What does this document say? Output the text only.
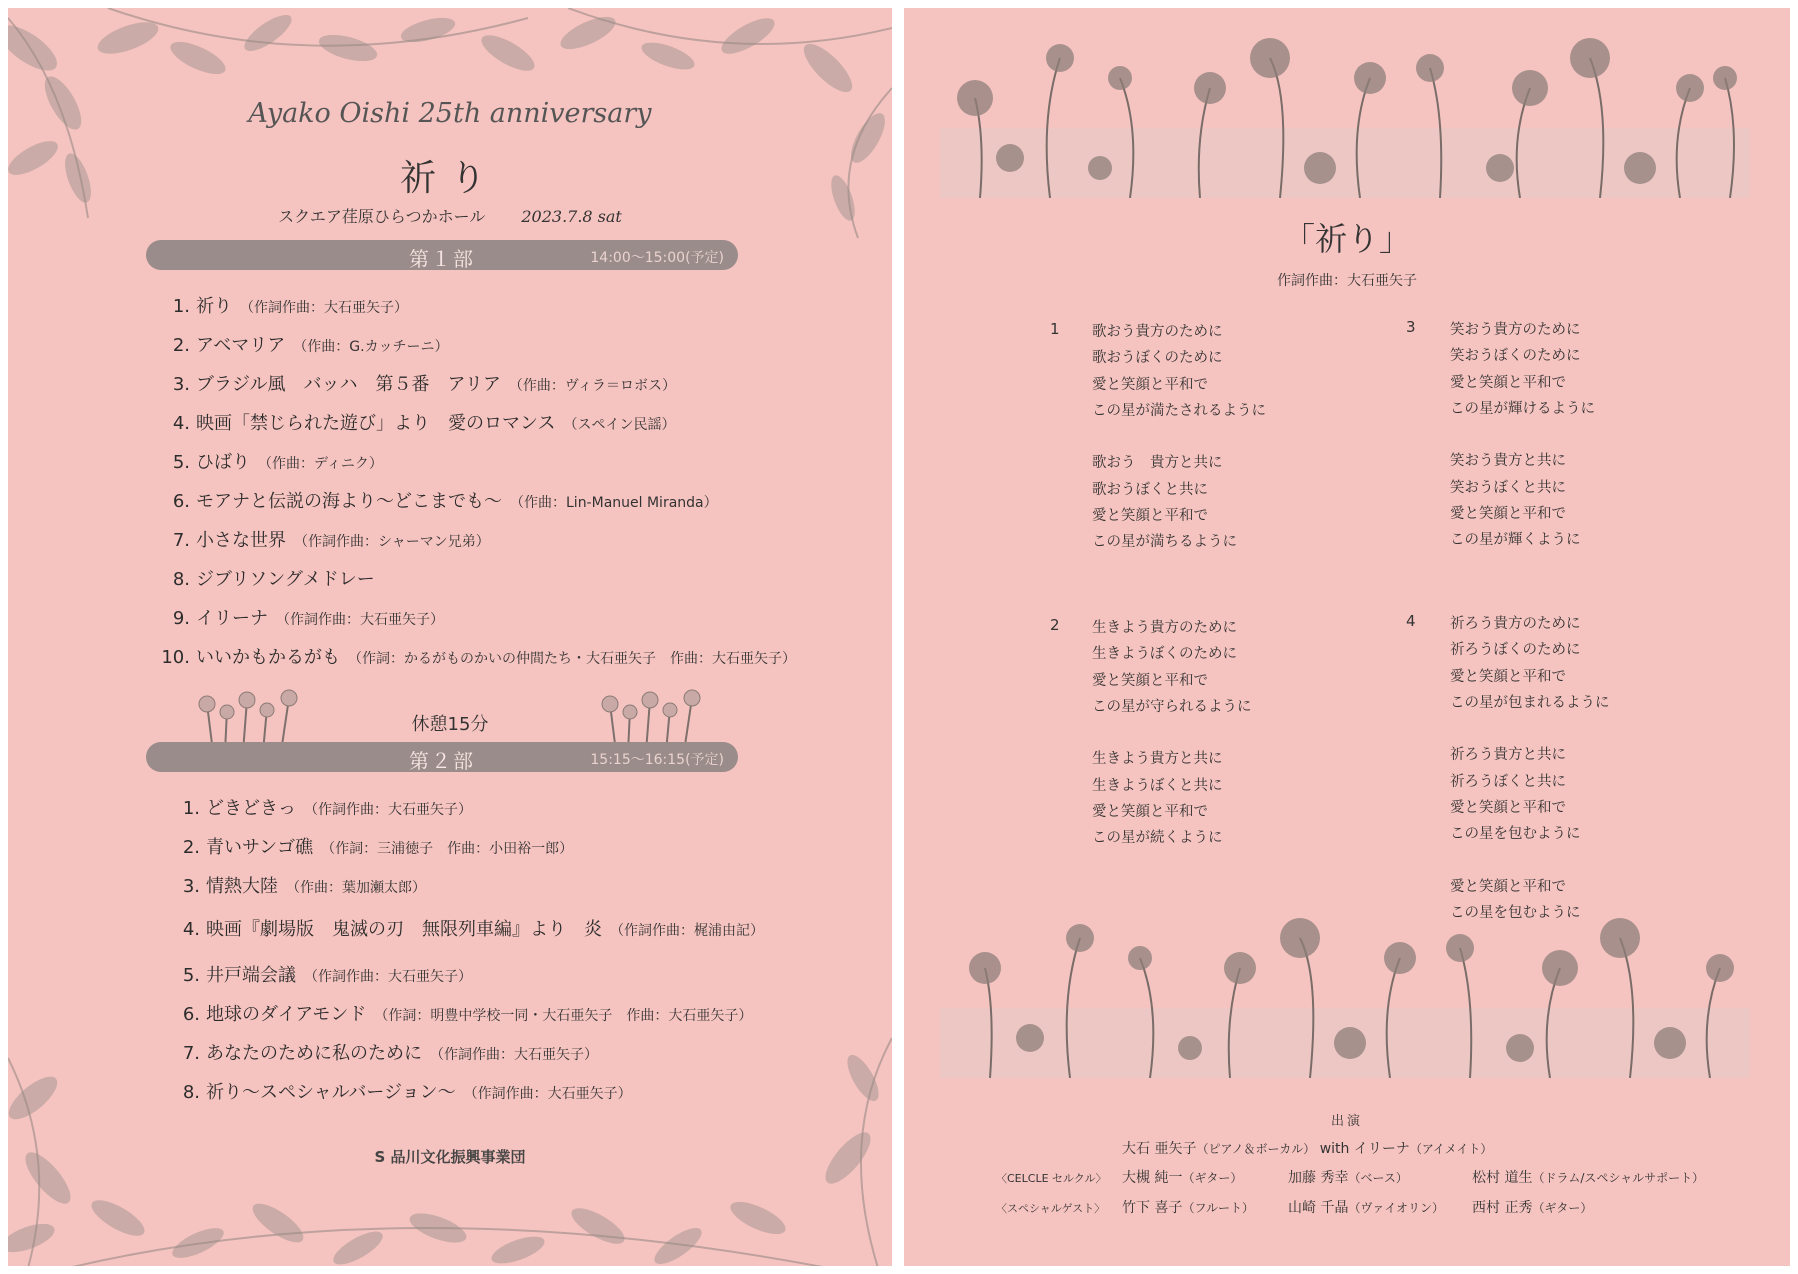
Ayako Oishi 25th anniversary
祈り
スクエア荏原ひらつかホール 2023.7.8 sat
第１部	14:00～15:00(予定)
1. 祈り （作詞作曲：大石亜矢子）
2. アベマリア （作曲：G.カッチーニ）
3. ブラジル風　バッハ　第５番　アリア （作曲：ヴィラ＝ロボス）
4. 映画「禁じられた遊び」より　愛のロマンス （スペイン民謡）
5. ひばり （作曲：ディニク）
6. モアナと伝説の海より～どこまでも～ （作曲：Lin-Manuel Miranda）
7. 小さな世界 （作詞作曲：シャーマン兄弟）
8. ジブリソングメドレー
9. イリーナ （作詞作曲：大石亜矢子）
10. いいかもかるがも （作詞：かるがものかいの仲間たち・大石亜矢子　作曲：大石亜矢子）
休憩15分
第２部	15:15～16:15(予定)
1. どきどきっ （作詞作曲：大石亜矢子）
2. 青いサンゴ礁 （作詞：三浦徳子　作曲：小田裕一郎）
3. 情熱大陸 （作曲：葉加瀬太郎）
4. 映画『劇場版　鬼滅の刃　無限列車編』より　炎 （作詞作曲：梶浦由記）
5. 井戸端会議 （作詞作曲：大石亜矢子）
6. 地球のダイアモンド （作詞：明豊中学校一同・大石亜矢子　作曲：大石亜矢子）
7. あなたのために私のために （作詞作曲：大石亜矢子）
8. 祈り～スペシャルバージョン～ （作詞作曲：大石亜矢子）
S 品川文化振興事業団
「祈り」
作詞作曲：大石亜矢子
1 歌おう貴方のために
歌おうぼくのために
愛と笑顔と平和で
この星が満たされるように
歌おう　貴方と共に
歌おうぼくと共に
愛と笑顔と平和で
この星が満ちるように
2 生きよう貴方のために
生きようぼくのために
愛と笑顔と平和で
この星が守られるように
生きよう貴方と共に
生きようぼくと共に
愛と笑顔と平和で
この星が続くように
3 笑おう貴方のために
笑おうぼくのために
愛と笑顔と平和で
この星が輝けるように
笑おう貴方と共に
笑おうぼくと共に
愛と笑顔と平和で
この星が輝くように
4 祈ろう貴方のために
祈ろうぼくのために
愛と笑顔と平和で
この星が包まれるように
祈ろう貴方と共に
祈ろうぼくと共に
愛と笑顔と平和で
この星を包むように
愛と笑顔と平和で
この星を包むように
出演
大石 亜矢子（ピアノ＆ボーカル） with イリーナ（アイメイト）
〈CELCLE セルクル〉 大槻 純一（ギター）	加藤 秀幸（ベース）	松村 道生（ドラム/スペシャルサポート）
〈スペシャルゲスト〉 竹下 喜子（フルート） 山崎 千晶（ヴァイオリン） 西村 正秀（ギター）
